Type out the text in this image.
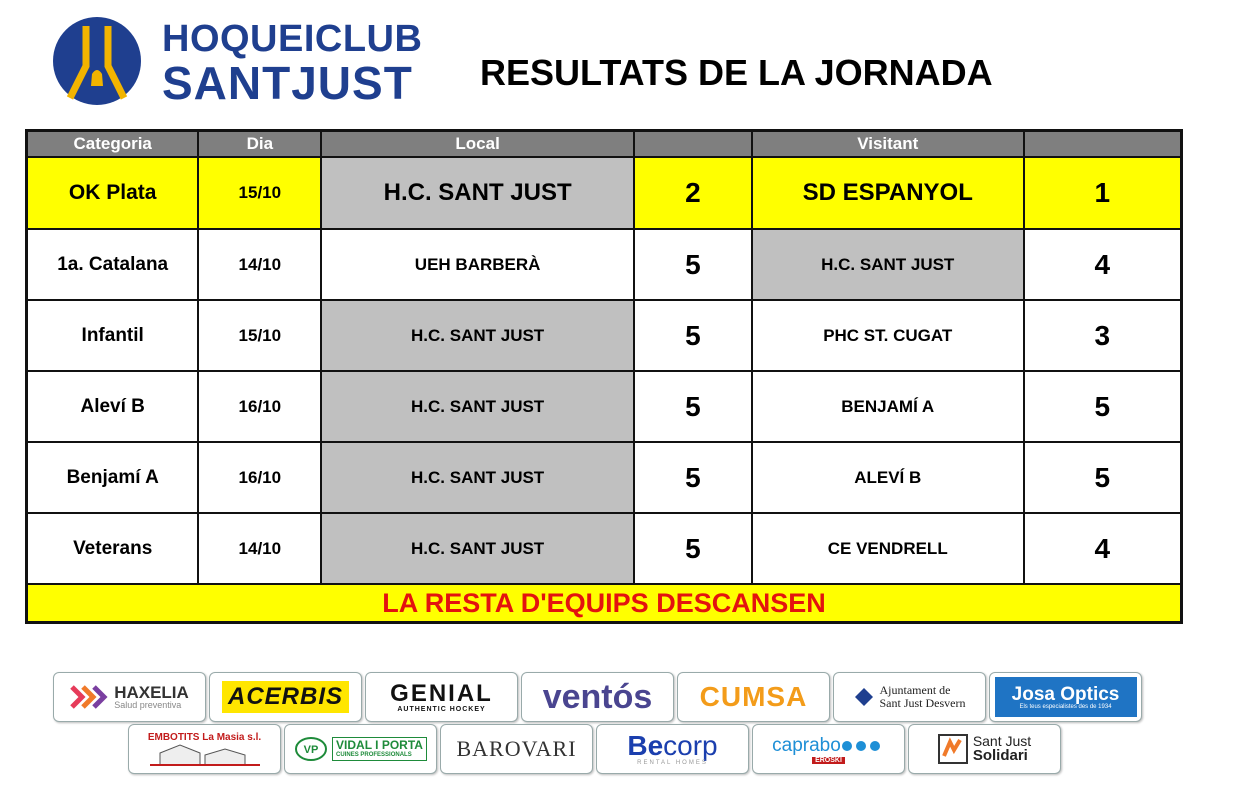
HOQUEICLUB
SANTJUST RESULTATS DE LA JORNADA
Categoria	Dia	Local		Visitant	
OK Plata	15/10	H.C. SANT JUST	2	SD ESPANYOL	1
1a. Catalana	14/10	UEH BARBERÀ	5	H.C. SANT JUST	4
Infantil	15/10	H.C. SANT JUST	5	PHC ST. CUGAT	3
Aleví B	16/10	H.C. SANT JUST	5	BENJAMÍ A	5
Benjamí A	16/10	H.C. SANT JUST	5	ALEVÍ B	5
Veterans	14/10	H.C. SANT JUST	5	CE VENDRELL	4
LA RESTA D'EQUIPS DESCANSEN					
HAXELIA
Salud preventiva	ACERBIS GENIAL
AUTHENTIC HOCKEY ventós CUMSA	Ajuntament de
Sant Just Desvern Josa Optics
Els teus especialistes des de 1934
EMBOTITS La Masia s.l.
VP VIDAL I PORTA
CUINES PROFESSIONALS	BAROVARI Becorp
RENTAL HOMES
caprabo
EROSKI
Sant Just
Solidari
